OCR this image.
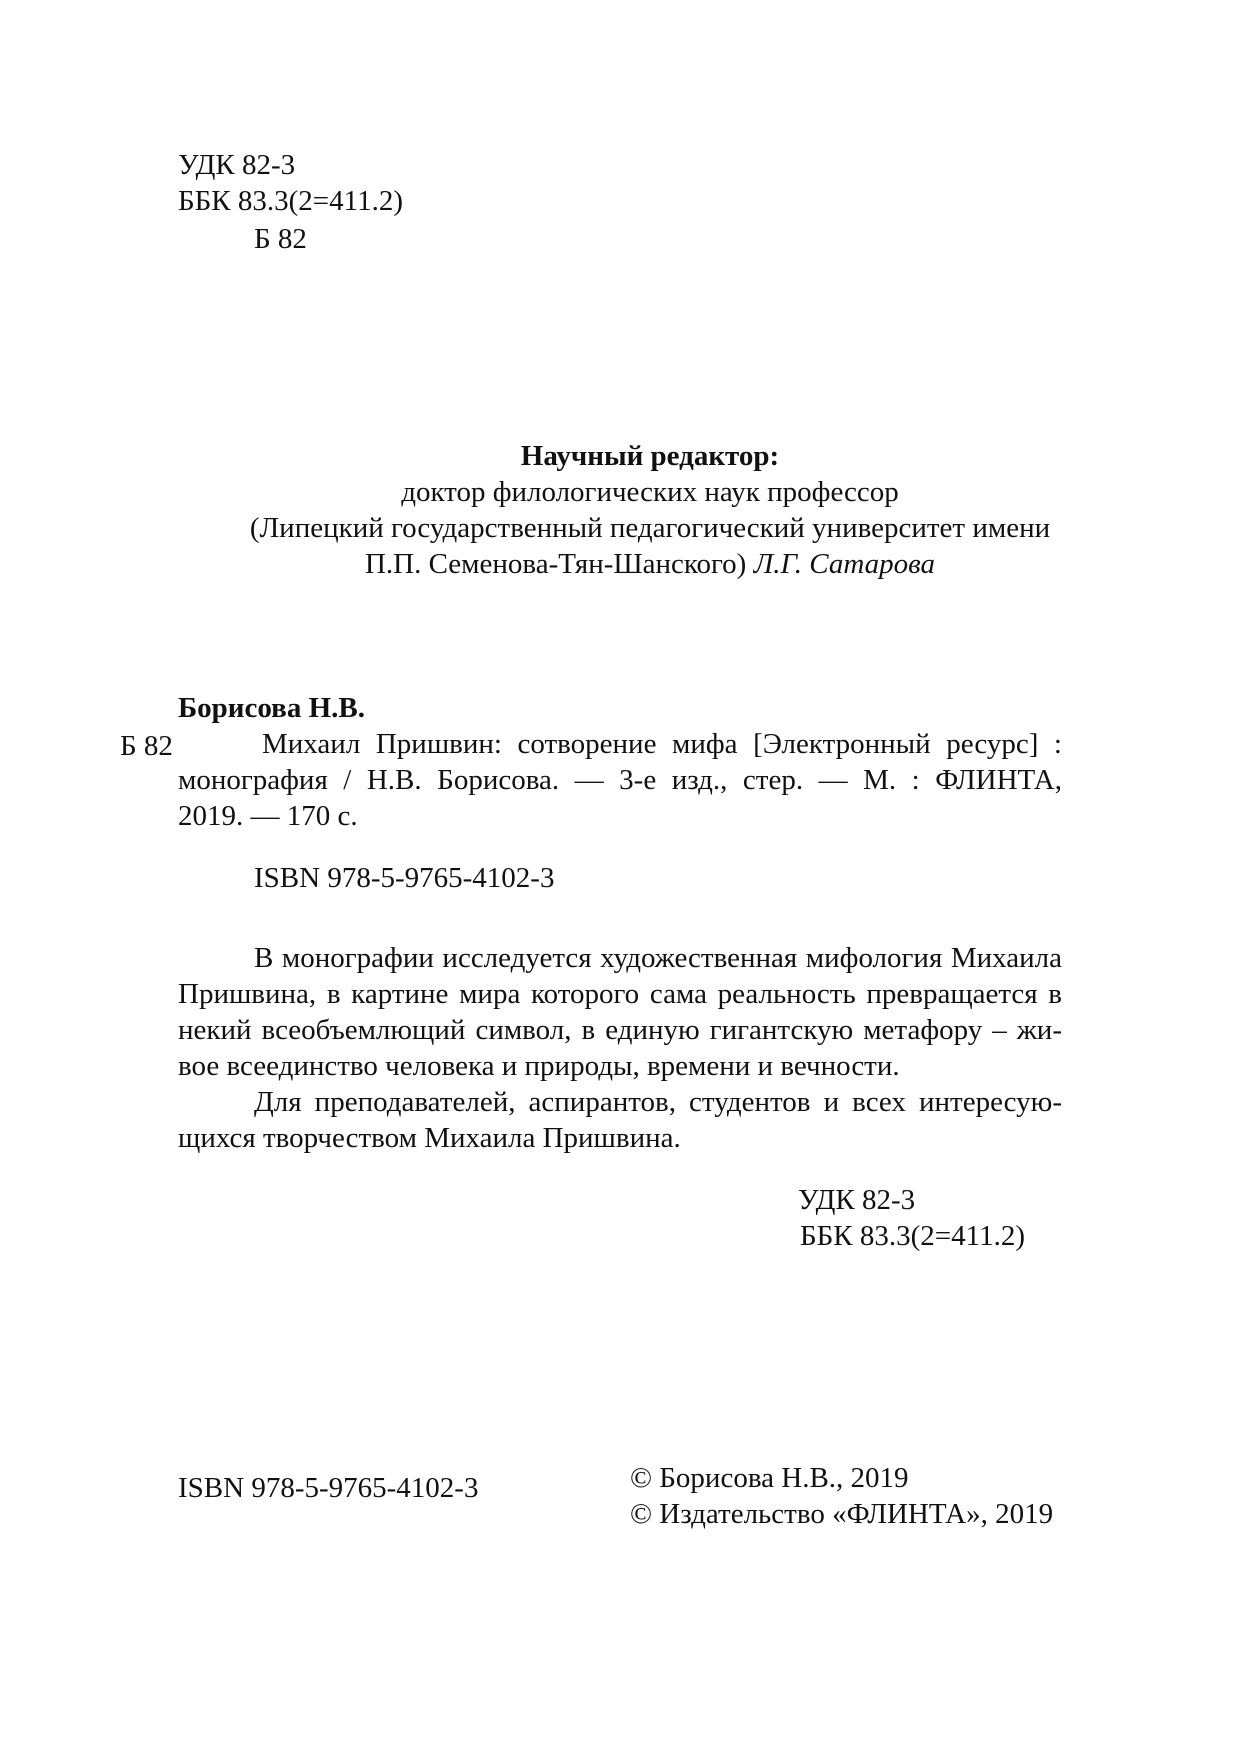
УДК 82-3
ББК 83.3(2=411.2)
Б 82
Научный редактор:
доктор филологических наук профессор
(Липецкий государственный педагогический университет имени
П.П. Семенова-Тян-Шанского) Л.Г. Сатарова
Борисова Н.В.
Б 82	Михаил Пришвин: сотворение мифа [Электронный ресурс] :
монография / Н.В. Борисова. — 3-е изд., стер. — М. : ФЛИНТА,
2019. — 170 с.
ISBN 978-5-9765-4102-3
В монографии исследуется художественная мифология Михаила
Пришвина, в картине мира которого сама реальность превращается в
некий всеобъемлющий символ, в единую гигантскую метафору – жи-
вое всеединство человека и природы, времени и вечности.
Для преподавателей, аспирантов, студентов и всех интересую-
щихся творчеством Михаила Пришвина.
УДК 82-3
ББК 83.3(2=411.2)
ISBN 978-5-9765-4102-3	© Борисова Н.В., 2019
© Издательство «ФЛИНТА», 2019
